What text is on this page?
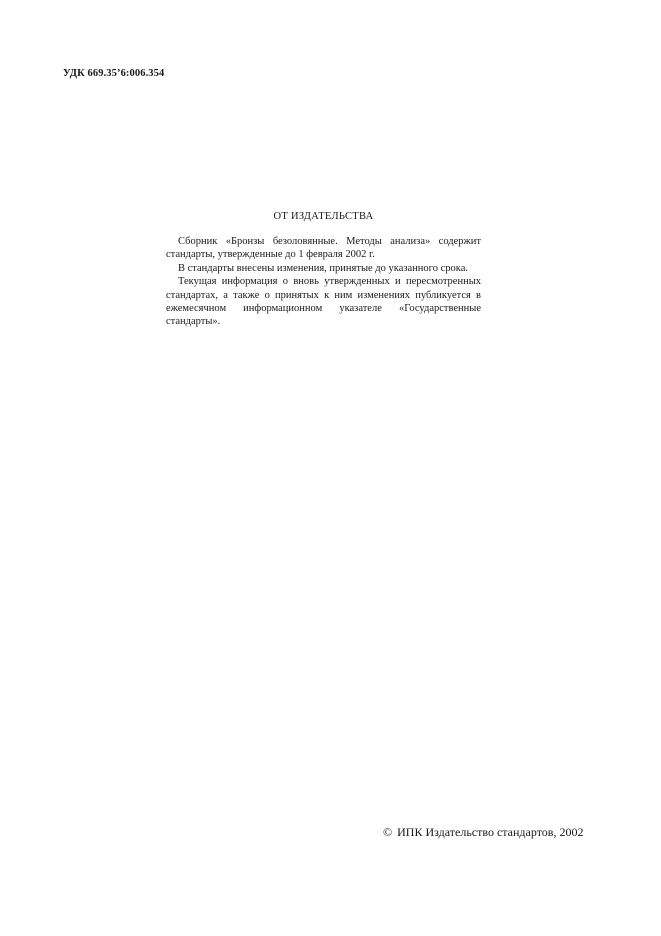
УДК 669.35’6:006.354
ОТ ИЗДАТЕЛЬСТВА

Сборник «Бронзы безоловянные. Методы анализа» содержит стандарты, утвержденные до 1 февраля 2002 г.

В стандарты внесены изменения, принятые до указанного срока.

Текущая информация о вновь утвержденных и пересмотренных стандартах, а также о принятых к ним изменениях публикуется в ежемесячном информационном указателе «Государственные стандарты».

© ИПК Издательство стандартов, 2002
